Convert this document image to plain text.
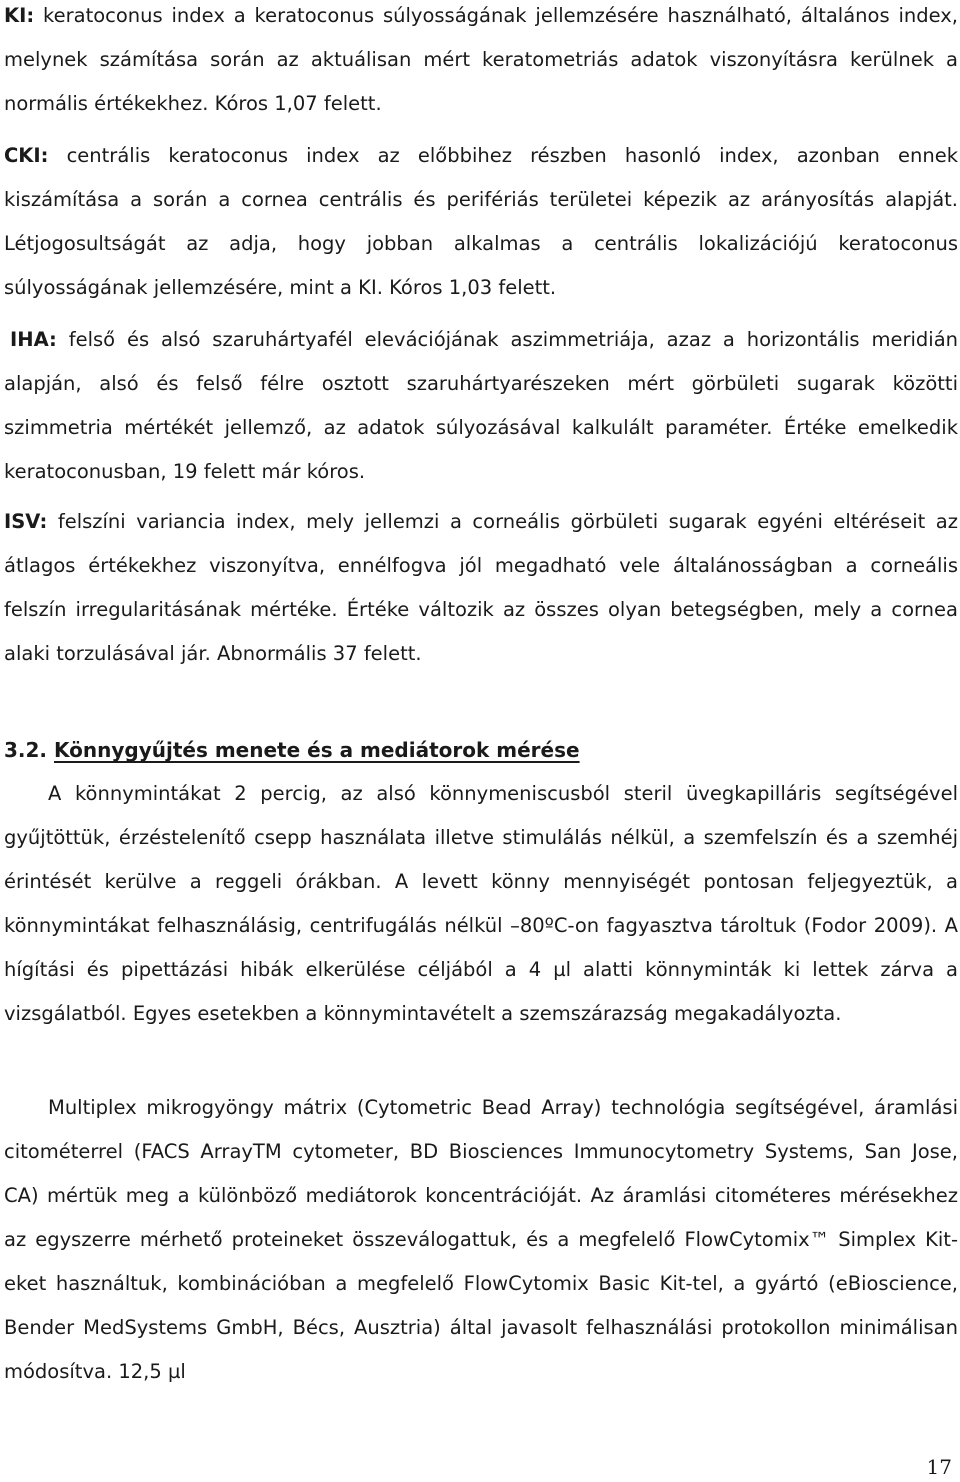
KI: keratoconus index a keratoconus súlyosságának jellemzésére használható, általános index, melynek számítása során az aktuálisan mért keratometriás adatok viszonyításra kerülnek a normális értékekhez. Kóros 1,07 felett.

CKI: centrális keratoconus index az előbbihez részben hasonló index, azonban ennek kiszámítása a során a cornea centrális és perifériás területei képezik az arányosítás alapját. Létjogosultságát az adja, hogy jobban alkalmas a centrális lokalizációjú keratoconus súlyosságának jellemzésére, mint a KI. Kóros 1,03 felett.

IHA: felső és alsó szaruhártyafél elevációjának aszimmetriája, azaz a horizontális meridián alapján, alsó és felső félre osztott szaruhártyarészeken mért görbületi sugarak közötti szimmetria mértékét jellemző, az adatok súlyozásával kalkulált paraméter. Értéke emelkedik keratoconusban, 19 felett már kóros.

ISV: felszíni variancia index, mely jellemzi a corneális görbületi sugarak egyéni eltéréseit az átlagos értékekhez viszonyítva, ennélfogva jól megadható vele általánosságban a corneális felszín irregularitásának mértéke. Értéke változik az összes olyan betegségben, mely a cornea alaki torzulásával jár. Abnormális 37 felett.

3.2. Könnygyűjtés menete és a mediátorok mérése

A könnymintákat 2 percig, az alsó könnymeniscusból steril üvegkapilláris segítségével gyűjtöttük, érzéstelenítő csepp használata illetve stimulálás nélkül, a szemfelszín és a szemhéj érintését kerülve a reggeli órákban. A levett könny mennyiségét pontosan feljegyeztük, a könnymintákat felhasználásig, centrifugálás nélkül –80ºC-on fagyasztva tároltuk (Fodor 2009). A hígítási és pipettázási hibák elkerülése céljából a 4 µl alatti könnyminták ki lettek zárva a vizsgálatból. Egyes esetekben a könnymintavételt a szemszárazság megakadályozta.

Multiplex mikrogyöngy mátrix (Cytometric Bead Array) technológia segítségével, áramlási citométerrel (FACS ArrayTM cytometer, BD Biosciences Immunocytometry Systems, San Jose, CA) mértük meg a különböző mediátorok koncentrációját. Az áramlási citométeres mérésekhez az egyszerre mérhető proteineket összeválogattuk, és a megfelelő FlowCytomix™ Simplex Kit-eket használtuk, kombinációban a megfelelő FlowCytomix Basic Kit-tel, a gyártó (eBioscience, Bender MedSystems GmbH, Bécs, Ausztria) által javasolt felhasználási protokollon minimálisan módosítva. 12,5 µl

17
